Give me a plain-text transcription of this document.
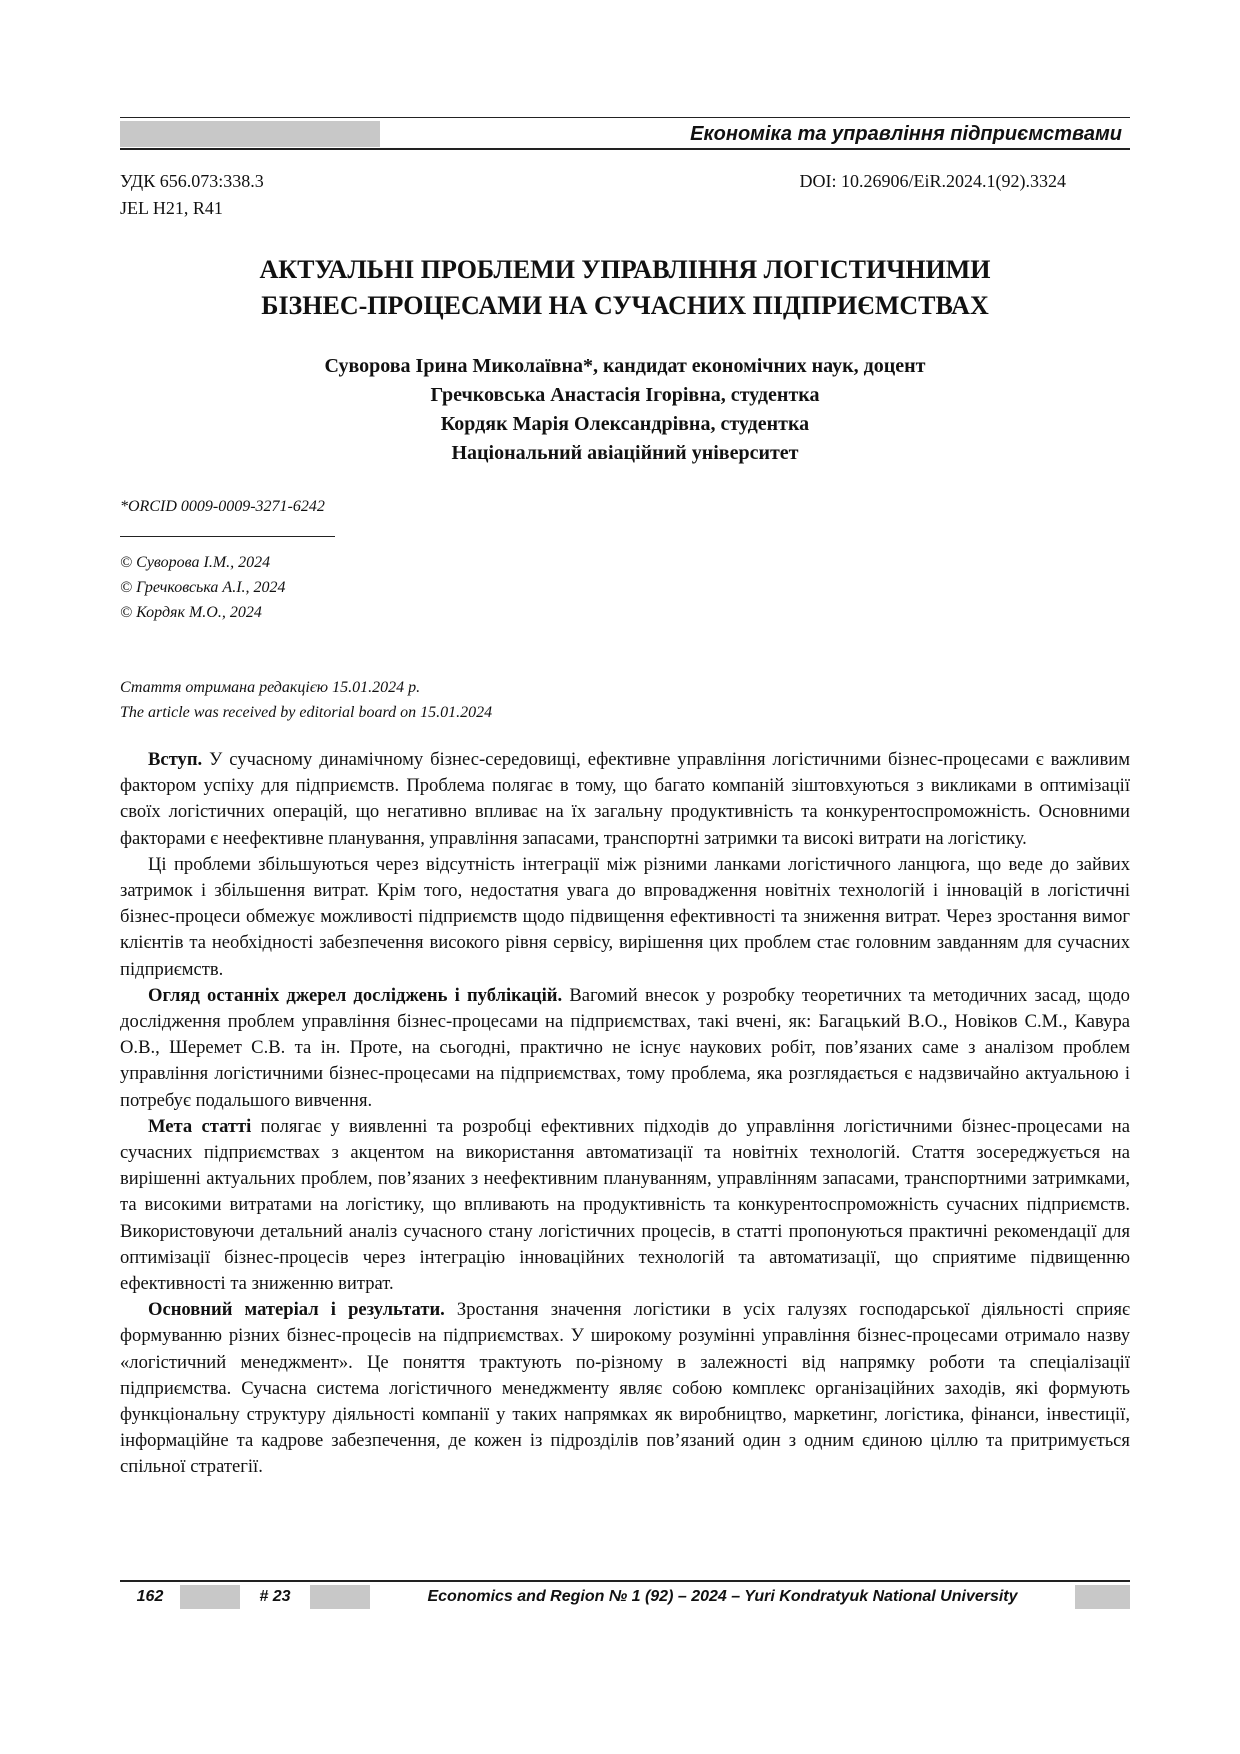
Економіка та управління підприємствами
УДК 656.073:338.3
JEL H21, R41
DOI: 10.26906/EiR.2024.1(92).3324
АКТУАЛЬНІ ПРОБЛЕМИ УПРАВЛІННЯ ЛОГІСТИЧНИМИ
БІЗНЕС-ПРОЦЕСАМИ НА СУЧАСНИХ ПІДПРИЄМСТВАХ
Суворова Ірина Миколаївна*, кандидат економічних наук, доцент
Гречковська Анастасія Ігорівна, студентка
Кордяк Марія Олександрівна, студентка
Національний авіаційний університет
*ORCID 0009-0009-3271-6242
© Суворова І.М., 2024
© Гречковська А.І., 2024
© Кордяк М.О., 2024
Стаття отримана редакцією 15.01.2024 р.
The article was received by editorial board on 15.01.2024

Вступ. У сучасному динамічному бізнес-середовищі, ефективне управління логістичними бізнес-процесами є важливим фактором успіху для підприємств. Проблема полягає в тому, що багато компаній зіштовхуються з викликами в оптимізації своїх логістичних операцій, що негативно впливає на їх загальну продуктивність та конкурентоспроможність. Основними факторами є неефективне планування, управління запасами, транспортні затримки та високі витрати на логістику.

Ці проблеми збільшуються через відсутність інтеграції між різними ланками логістичного ланцюга, що веде до зайвих затримок і збільшення витрат. Крім того, недостатня увага до впровадження новітніх технологій і інновацій в логістичні бізнес-процеси обмежує можливості підприємств щодо підвищення ефективності та зниження витрат. Через зростання вимог клієнтів та необхідності забезпечення високого рівня сервісу, вирішення цих проблем стає головним завданням для сучасних підприємств.

Огляд останніх джерел досліджень і публікацій. Вагомий внесок у розробку теоретичних та методичних засад, щодо дослідження проблем управління бізнес-процесами на підприємствах, такі вчені, як: Багацький В.О., Новіков С.М., Кавура О.В., Шеремет С.В. та ін. Проте, на сьогодні, практично не існує наукових робіт, пов’язаних саме з аналізом проблем управління логістичними бізнес-процесами на підприємствах, тому проблема, яка розглядається є надзвичайно актуальною і потребує подальшого вивчення.

Мета статті полягає у виявленні та розробці ефективних підходів до управління логістичними бізнес-процесами на сучасних підприємствах з акцентом на використання автоматизації та новітніх технологій. Стаття зосереджується на вирішенні актуальних проблем, пов’язаних з неефективним плануванням, управлінням запасами, транспортними затримками, та високими витратами на логістику, що впливають на продуктивність та конкурентоспроможність сучасних підприємств. Використовуючи детальний аналіз сучасного стану логістичних процесів, в статті пропонуються практичні рекомендації для оптимізації бізнес-процесів через інтеграцію інноваційних технологій та автоматизації, що сприятиме підвищенню ефективності та зниженню витрат.

Основний матеріал і результати. Зростання значення логістики в усіх галузях господарської діяльності сприяє формуванню різних бізнес-процесів на підприємствах. У широкому розумінні управління бізнес-процесами отримало назву «логістичний менеджмент». Це поняття трактують по-різному в залежності від напрямку роботи та спеціалізації підприємства. Сучасна система логістичного менеджменту являє собою комплекс організаційних заходів, які формують функціональну структуру діяльності компанії у таких напрямках як виробництво, маркетинг, логістика, фінанси, інвестиції, інформаційне та кадрове забезпечення, де кожен із підрозділів пов’язаний один з одним єдиною ціллю та притримується спільної стратегії.

162	# 23	Economics and Region № 1 (92) – 2024 – Yuri Kondratyuk National University
